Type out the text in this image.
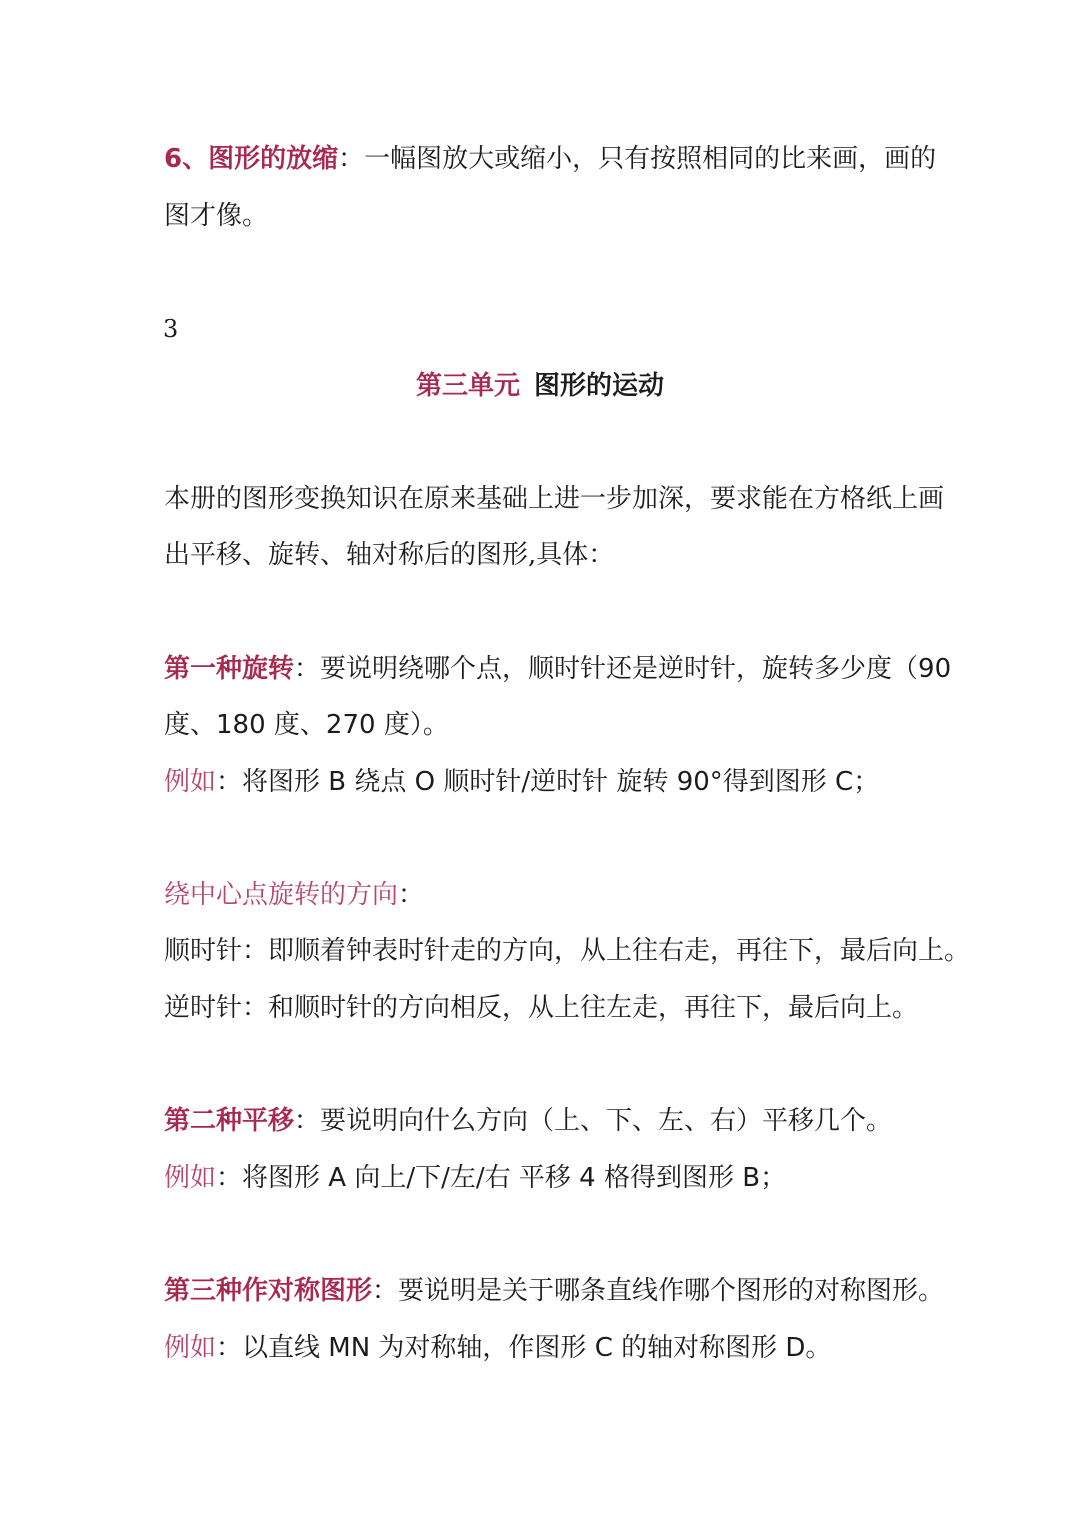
6、图形的放缩：一幅图放大或缩小，只有按照相同的比来画，画的
图才像。
3
第三单元 图形的运动
本册的图形变换知识在原来基础上进一步加深，要求能在方格纸上画
出平移、旋转、轴对称后的图形,具体：
第一种旋转：要说明绕哪个点，顺时针还是逆时针，旋转多少度（90
度、180 度、270 度）。
例如：将图形 B 绕点 O 顺时针/逆时针 旋转 90°得到图形 C；
绕中心点旋转的方向：
顺时针：即顺着钟表时针走的方向，从上往右走，再往下，最后向上。
逆时针：和顺时针的方向相反，从上往左走，再往下，最后向上。
第二种平移：要说明向什么方向（上、下、左、右）平移几个。
例如：将图形 A 向上/下/左/右 平移 4 格得到图形 B；
第三种作对称图形：要说明是关于哪条直线作哪个图形的对称图形。
例如：以直线 MN 为对称轴，作图形 C 的轴对称图形 D。
